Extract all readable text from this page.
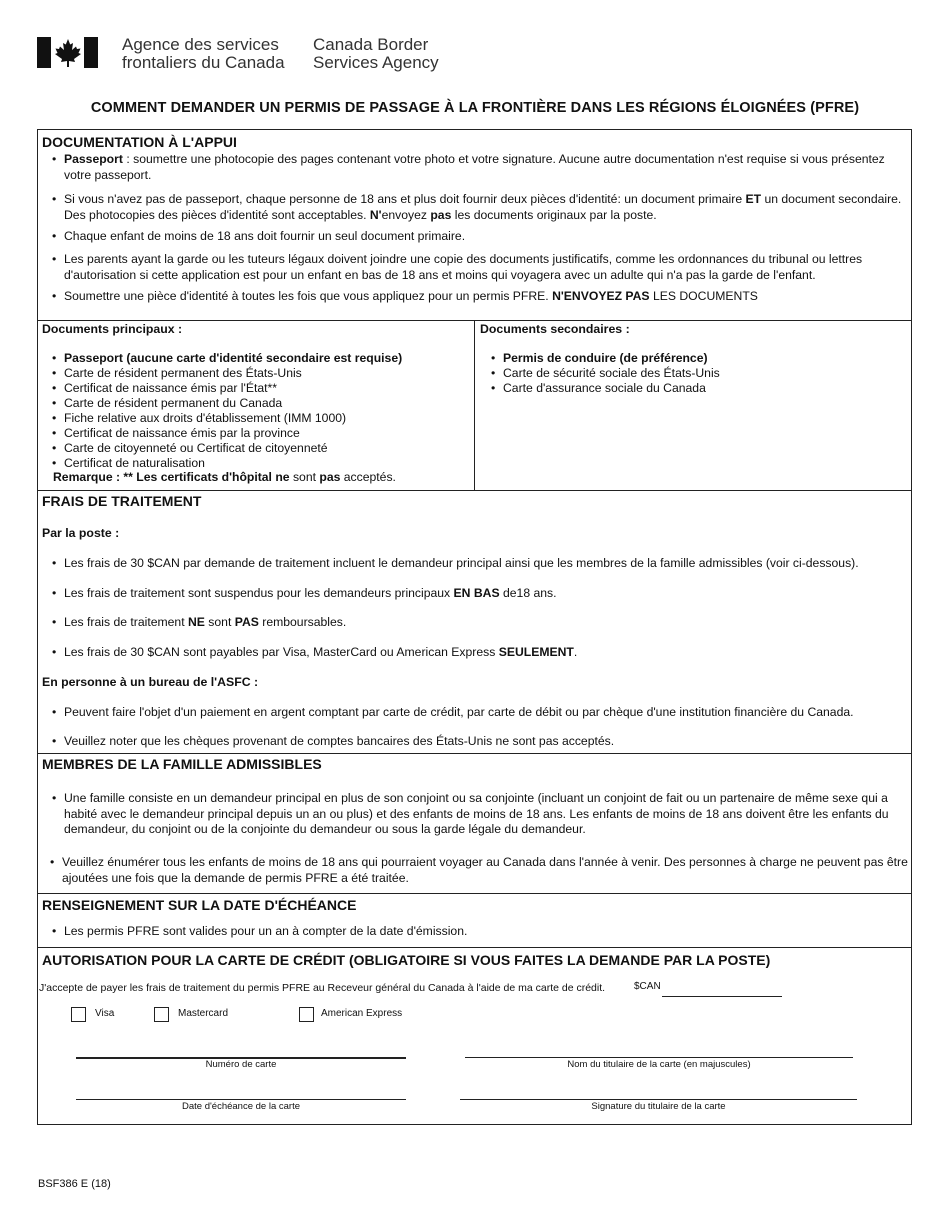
Agence des services
frontaliers du Canada
Canada Border
Services Agency
COMMENT DEMANDER UN PERMIS DE PASSAGE À LA FRONTIÈRE DANS LES RÉGIONS ÉLOIGNÉES (PFRE)
DOCUMENTATION À L'APPUI
• Passeport : soumettre une photocopie des pages contenant votre photo et votre signature. Aucune autre documentation n'est requise si vous présentez votre passeport.
• Si vous n'avez pas de passeport, chaque personne de 18 ans et plus doit fournir deux pièces d'identité: un document primaire ET un document secondaire. Des photocopies des pièces d'identité sont acceptables. N'envoyez pas les documents originaux par la poste.
• Chaque enfant de moins de 18 ans doit fournir un seul document primaire.
• Les parents ayant la garde ou les tuteurs légaux doivent joindre une copie des documents justificatifs, comme les ordonnances du tribunal ou lettres d'autorisation si cette application est pour un enfant en bas de 18 ans et moins qui voyagera avec un adulte qui n'a pas la garde de l'enfant.
• Soumettre une pièce d'identité à toutes les fois que vous appliquez pour un permis PFRE. N'ENVOYEZ PAS LES DOCUMENTS
Documents principaux :
• Passeport (aucune carte d'identité secondaire est requise)
• Carte de résident permanent des États-Unis
• Certificat de naissance émis par l'État**
• Carte de résident permanent du Canada
• Fiche relative aux droits d'établissement (IMM 1000)
• Certificat de naissance émis par la province
• Carte de citoyenneté ou Certificat de citoyenneté
• Certificat de naturalisation
Remarque : ** Les certificats d'hôpital ne sont pas acceptés.
Documents secondaires :
• Permis de conduire (de préférence)
• Carte de sécurité sociale des États-Unis
• Carte d'assurance sociale du Canada
FRAIS DE TRAITEMENT
Par la poste :
• Les frais de 30 $CAN par demande de traitement incluent le demandeur principal ainsi que les membres de la famille admissibles (voir ci-dessous).
• Les frais de traitement sont suspendus pour les demandeurs principaux EN BAS de18 ans.
• Les frais de traitement NE sont PAS remboursables.
• Les frais de 30 $CAN sont payables par Visa, MasterCard ou American Express SEULEMENT.
En personne à un bureau de l'ASFC :
• Peuvent faire l'objet d'un paiement en argent comptant par carte de crédit, par carte de débit ou par chèque d'une institution financière du Canada.
• Veuillez noter que les chèques provenant de comptes bancaires des États-Unis ne sont pas acceptés.
MEMBRES DE LA FAMILLE ADMISSIBLES
• Une famille consiste en un demandeur principal en plus de son conjoint ou sa conjointe (incluant un conjoint de fait ou un partenaire de même sexe qui a habité avec le demandeur principal depuis un an ou plus) et des enfants de moins de 18 ans. Les enfants de moins de 18 ans doivent être les enfants du demandeur, du conjoint ou de la conjointe du demandeur ou sous la garde légale du demandeur.
• Veuillez énumérer tous les enfants de moins de 18 ans qui pourraient voyager au Canada dans l'année à venir. Des personnes à charge ne peuvent pas être ajoutées une fois que la demande de permis PFRE a été traitée.
RENSEIGNEMENT SUR LA DATE D'ÉCHÉANCE
• Les permis PFRE sont valides pour un an à compter de la date d'émission.
AUTORISATION POUR LA CARTE DE CRÉDIT (OBLIGATOIRE SI VOUS FAITES LA DEMANDE PAR LA POSTE)
J'accepte de payer les frais de traitement du permis PFRE au Receveur général du Canada à l'aide de ma carte de crédit.	$CAN
Visa	Mastercard	American Express
Numéro de carte	Nom du titulaire de la carte (en majuscules)
Date d'échéance de la carte	Signature du titulaire de la carte
BSF386 E (18)
